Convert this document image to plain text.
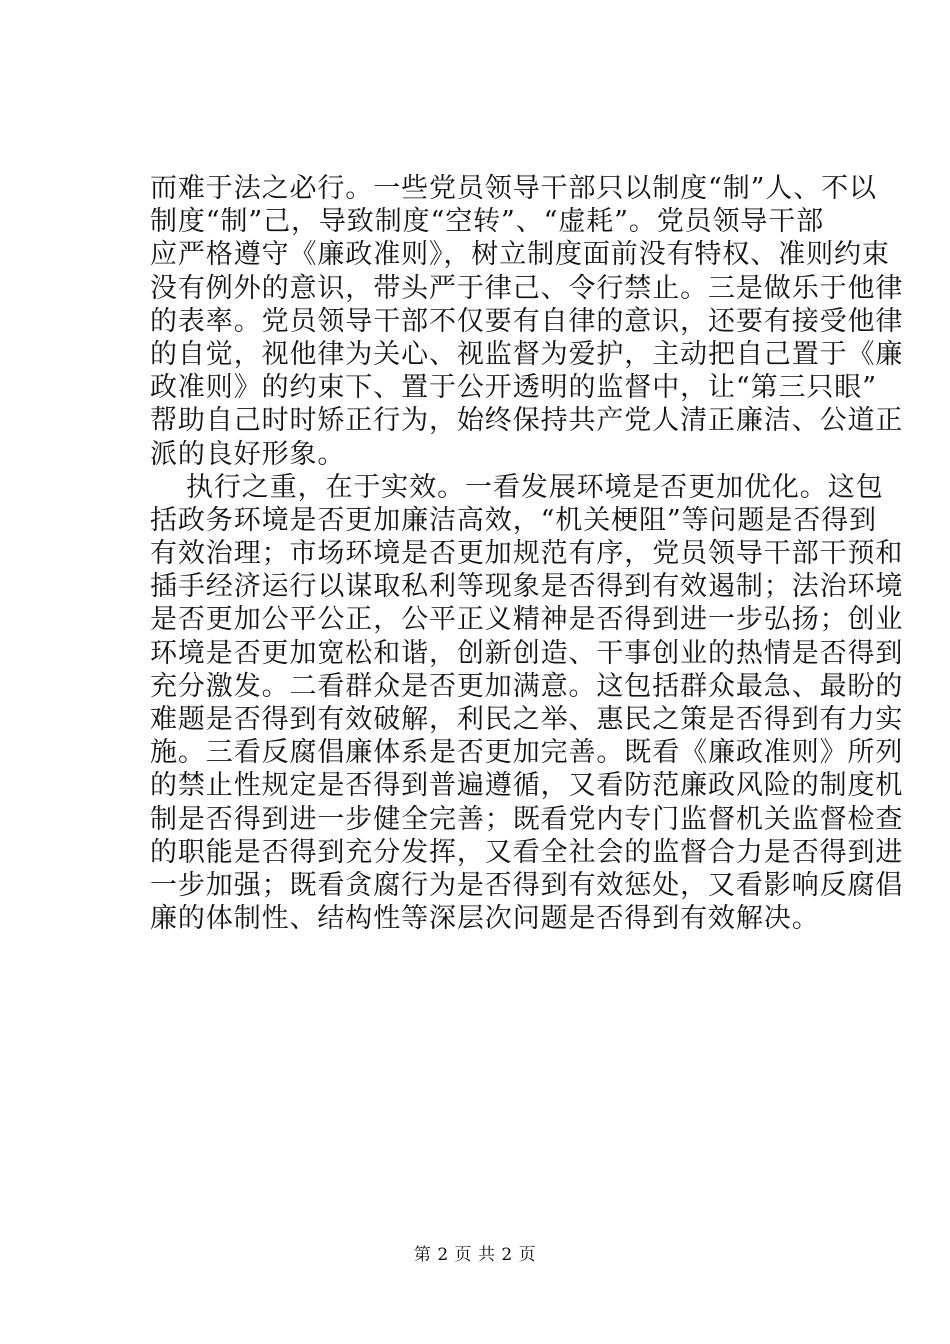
而难于法之必行。一些党员领导干部只以制度“制”人、不以
制度“制”己，导致制度“空转”、“虚耗”。党员领导干部
应严格遵守《廉政准则》，树立制度面前没有特权、准则约束
没有例外的意识，带头严于律己、令行禁止。三是做乐于他律
的表率。党员领导干部不仅要有自律的意识，还要有接受他律
的自觉，视他律为关心、视监督为爱护，主动把自己置于《廉
政准则》的约束下、置于公开透明的监督中，让“第三只眼”
帮助自己时时矫正行为，始终保持共产党人清正廉洁、公道正
派的良好形象。
执行之重，在于实效。一看发展环境是否更加优化。这包
括政务环境是否更加廉洁高效，“机关梗阻”等问题是否得到
有效治理；市场环境是否更加规范有序，党员领导干部干预和
插手经济运行以谋取私利等现象是否得到有效遏制；法治环境
是否更加公平公正，公平正义精神是否得到进一步弘扬；创业
环境是否更加宽松和谐，创新创造、干事创业的热情是否得到
充分激发。二看群众是否更加满意。这包括群众最急、最盼的
难题是否得到有效破解，利民之举、惠民之策是否得到有力实
施。三看反腐倡廉体系是否更加完善。既看《廉政准则》所列
的禁止性规定是否得到普遍遵循，又看防范廉政风险的制度机
制是否得到进一步健全完善；既看党内专门监督机关监督检查
的职能是否得到充分发挥，又看全社会的监督合力是否得到进
一步加强；既看贪腐行为是否得到有效惩处，又看影响反腐倡
廉的体制性、结构性等深层次问题是否得到有效解决。
第 2 页 共 2 页
